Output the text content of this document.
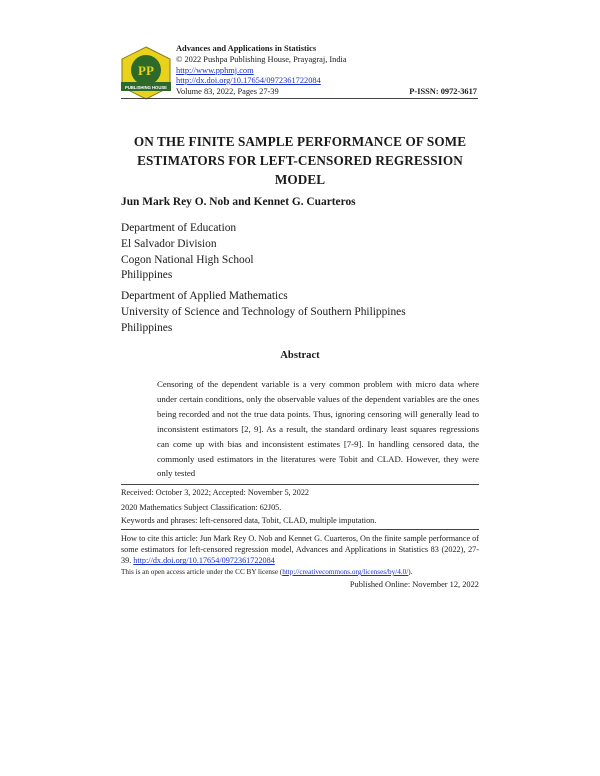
PP
PUBLISHING HOUSE
Advances and Applications in Statistics
© 2022 Pushpa Publishing House, Prayagraj, India
http://www.pphmj.com
http://dx.doi.org/10.17654/0972361722084
Volume 83, 2022, Pages 27-39	P-ISSN: 0972-3617
ON THE FINITE SAMPLE PERFORMANCE OF SOME ESTIMATORS FOR LEFT-CENSORED REGRESSION MODEL
Jun Mark Rey O. Nob and Kennet G. Cuarteros
Department of Education
El Salvador Division
Cogon National High School
Philippines
Department of Applied Mathematics
University of Science and Technology of Southern Philippines
Philippines
Abstract
Censoring of the dependent variable is a very common problem with micro data where under certain conditions, only the observable values of the dependent variables are the ones being recorded and not the true data points. Thus, ignoring censoring will generally lead to inconsistent estimators [2, 9]. As a result, the standard ordinary least squares regressions can come up with bias and inconsistent estimates [7-9]. In handling censored data, the commonly used estimators in the literatures were Tobit and CLAD. However, they were only tested
Received: October 3, 2022; Accepted: November 5, 2022
2020 Mathematics Subject Classification: 62J05.
Keywords and phrases: left-censored data, Tobit, CLAD, multiple imputation.
How to cite this article: Jun Mark Rey O. Nob and Kennet G. Cuarteros, On the finite sample performance of some estimators for left-censored regression model, Advances and Applications in Statistics 83 (2022), 27-39. http://dx.doi.org/10.17654/0972361722084
This is an open access article under the CC BY license (http://creativecommons.org/licenses/by/4.0/).
Published Online: November 12, 2022
